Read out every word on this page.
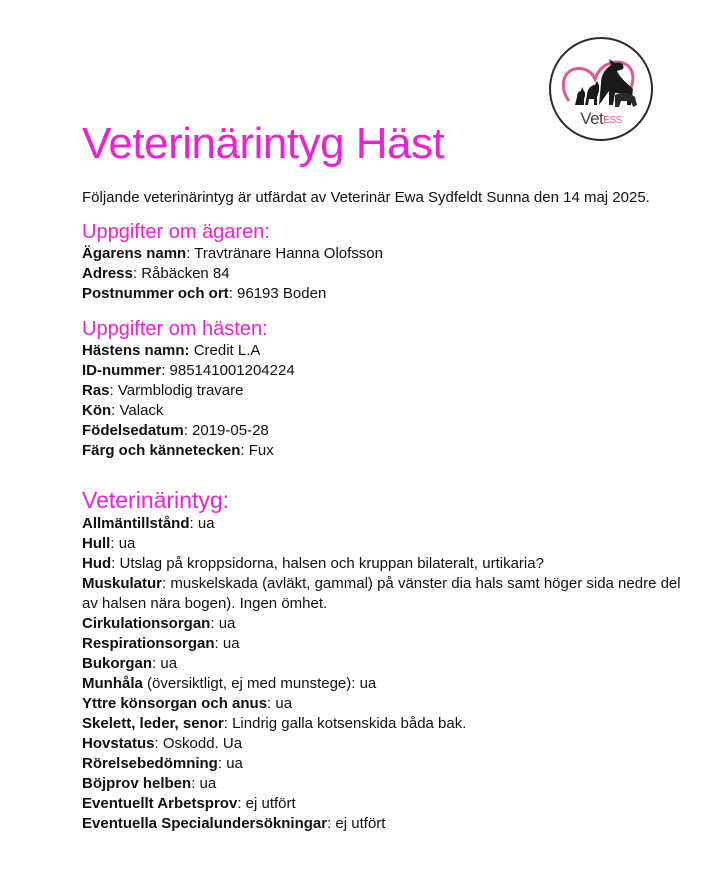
VetESS
Veterinärintyg Häst

Följande veterinärintyg är utfärdat av Veterinär Ewa Sydfeldt Sunna den 14 maj 2025.

Uppgifter om ägaren:

Ägarens namn: Travtränare Hanna Olofsson

Adress: Råbäcken 84

Postnummer och ort: 96193 Boden

Uppgifter om hästen:

Hästens namn: Credit L.A

ID-nummer: 985141001204224

Ras: Varmblodig travare

Kön: Valack

Födelsedatum: 2019-05-28

Färg och kännetecken: Fux

Veterinärintyg:

Allmäntillstånd: ua

Hull: ua

Hud: Utslag på kroppsidorna, halsen och kruppan bilateralt, urtikaria?

Muskulatur: muskelskada (avläkt, gammal) på vänster dia hals samt höger sida nedre del av halsen nära bogen). Ingen ömhet.

Cirkulationsorgan: ua

Respirationsorgan: ua

Bukorgan: ua

Munhåla (översiktligt, ej med munstege): ua

Yttre könsorgan och anus: ua

Skelett, leder, senor: Lindrig galla kotsenskida båda bak.

Hovstatus: Oskodd. Ua

Rörelsebedömning: ua

Böjprov helben: ua

Eventuellt Arbetsprov: ej utfört

Eventuella Specialundersökningar: ej utfört
